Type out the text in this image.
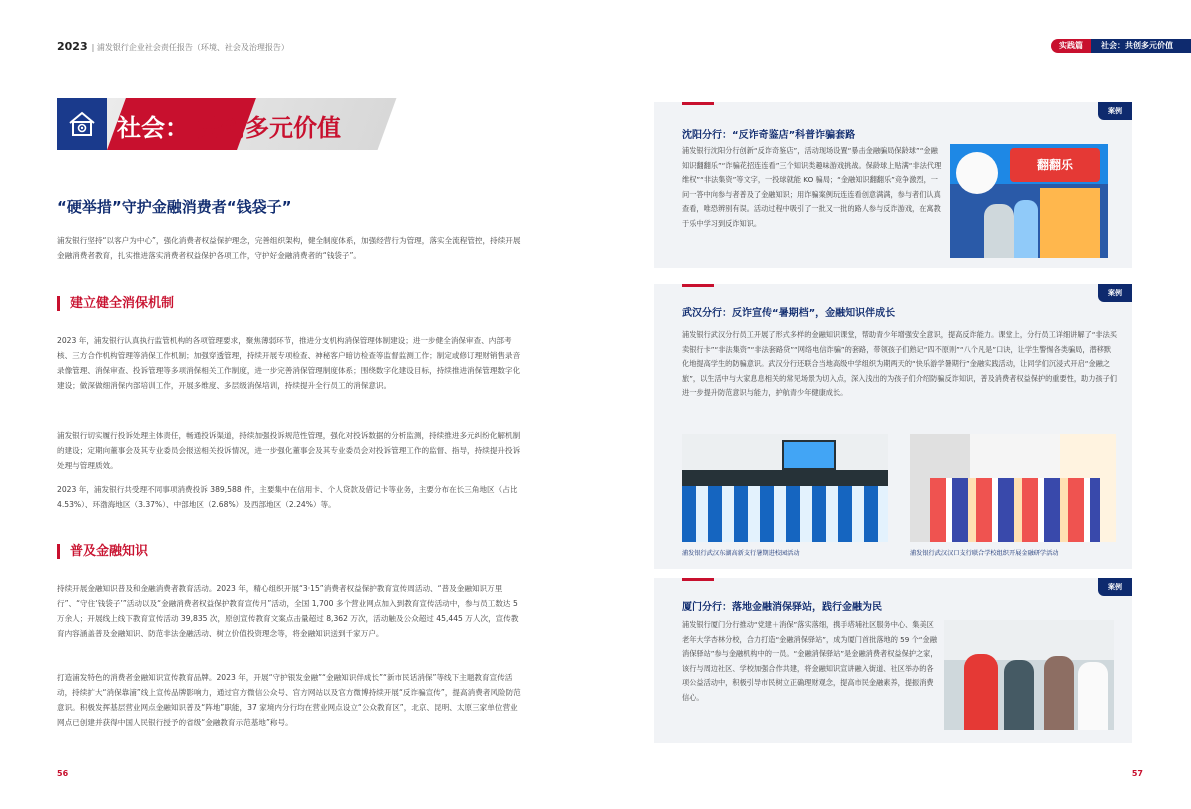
2023 | 浦发银行企业社会责任报告（环境、社会及治理报告）
社会： 共创多元价值
“硬举措”守护金融消费者“钱袋子”
浦发银行坚持“以客户为中心”，强化消费者权益保护理念，完善组织架构，健全制度体系，加强经营行为管理，落实全流程管控，持续开展金融消费者教育，扎实推进落实消费者权益保护各项工作，守护好金融消费者的“钱袋子”。
建立健全消保机制
2023 年，浦发银行认真执行监管机构的各项管理要求，聚焦薄弱环节，推进分支机构消保管理体制建设；进一步健全消保审查、内部考核、三方合作机构管理等消保工作机制；加强穿透管理，持续开展专项检查、神秘客户暗访检查等监督监测工作；制定或修订理财销售录音录像管理、消保审查、投诉管理等多项消保相关工作制度，进一步完善消保管理制度体系；围绕数字化建设目标，持续推进消保管理数字化建设；做深做细消保内部培训工作，开展多维度、多层级消保培训，持续提升全行员工的消保意识。
浦发银行切实履行投诉处理主体责任，畅通投诉渠道，持续加强投诉规范性管理，强化对投诉数据的分析监测，持续推进多元纠纷化解机制的建设；定期向董事会及其专业委员会报送相关投诉情况，进一步强化董事会及其专业委员会对投诉管理工作的监督、指导，持续提升投诉处理与管理质效。
2023 年，浦发银行共受理不同事项消费投诉 389,588 件，主要集中在信用卡、个人贷款及借记卡等业务，主要分布在长三角地区（占比 4.53%）、环渤海地区（3.37%）、中部地区（2.68%）及西部地区（2.24%）等。
普及金融知识
持续开展金融知识普及和金融消费者教育活动。2023 年，精心组织开展“3·15”消费者权益保护教育宣传周活动、“普及金融知识万里行”、“守住‘钱袋子’”活动以及“金融消费者权益保护教育宣传月”活动，全国 1,700 多个营业网点加入到教育宣传活动中，参与员工数达 5 万余人；开展线上线下教育宣传活动 39,835 次，原创宣传教育文案点击量超过 8,362 万次，活动触及公众超过 45,445 万人次，宣传教育内容涵盖普及金融知识、防范非法金融活动、树立价值投资理念等，将金融知识送到千家万户。
打造浦发特色的消费者金融知识宣传教育品牌。2023 年，开展“守护银发金融”“金融知识伴成长”“新市民话消保”等线下主题教育宣传活动，持续扩大“消保靠浦”线上宣传品牌影响力，通过官方微信公众号、官方网站以及官方微博持续开展“反诈骗宣传”，提高消费者风险防范意识。积极发挥基层营业网点金融知识普及“阵地”职能，37 家境内分行均在营业网点设立“公众教育区”，北京、昆明、太原三家单位营业网点已创建并获得中国人民银行授予的省级“金融教育示范基地”称号。
56
实践篇	社会：共创多元价值
案例
沈阳分行：“反诈奇鉴店”科普诈骗套路
浦发银行沈阳分行创新“反诈奇鉴店”，活动现场设置“暴击金融骗局保龄球”“金融知识翻翻乐”“诈骗花招连连看”三个知识类趣味游戏挑战。保龄球上贴满“非法代理维权”“非法集资”等文字，一投球就能 KO 骗局；“金融知识翻翻乐”竞争激烈，一问一答中向参与者普及了金融知识；用诈骗案例玩连连看创意满满，参与者们认真查看，唯恐辨别有误。活动过程中吸引了一批又一批的路人参与反诈游戏，在寓教于乐中学习到反诈知识。
翻翻乐
案例
武汉分行：反诈宣传“暑期档”，金融知识伴成长
浦发银行武汉分行员工开展了形式多样的金融知识课堂，帮助青少年增强安全意识，提高反诈能力。课堂上，分行员工详细讲解了“非法买卖银行卡”“非法集资”“非法套路贷”“网络电信诈骗”的套路，带领孩子们熟记“四不原则”“八个凡是”口诀，让学生警惕各类骗局，潜移默化地提高学生的防骗意识。武汉分行还联合当地高级中学组织为期两天的“快乐游学暑期行”金融实践活动，让同学们沉浸式开启“金融之旅”，以生活中与大家息息相关的常见场景为切入点，深入浅出的为孩子们介绍防骗反诈知识，普及消费者权益保护的重要性，助力孩子们进一步提升防范意识与能力，护航青少年健康成长。
浦发银行武汉东湖高新支行暑期进校园活动	浦发银行武汉汉口支行联合学校组织开展金融研学活动
案例
厦门分行：落地金融消保驿站，践行金融为民
浦发银行厦门分行推动“党建＋消保”落实落细，携手塔埔社区服务中心、集美区老年大学杏林分校，合力打造“金融消保驿站”，成为厦门首批落地的 59 个“金融消保驿站”参与金融机构中的一员。“金融消保驿站”是金融消费者权益保护之家，该行与周边社区、学校加强合作共建，将金融知识宣讲融入街道、社区举办的各项公益活动中，积极引导市民树立正确理财观念，提高市民金融素养，提振消费信心。
57
